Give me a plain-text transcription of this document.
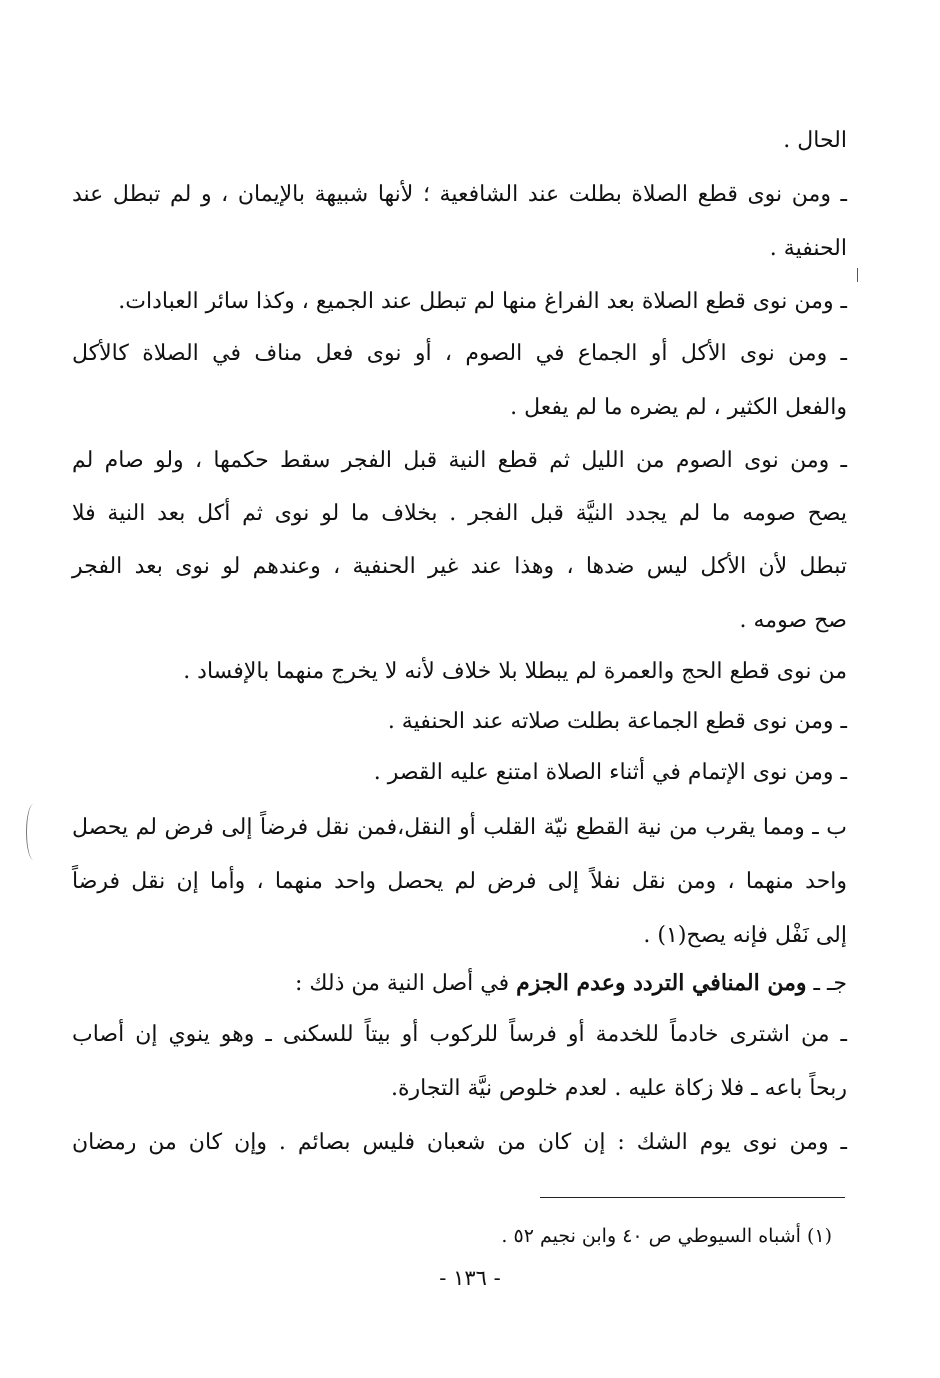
الحال .
ـ ومن نوى قطع الصلاة بطلت عند الشافعية ؛ لأنها شبيهة بالإيمان ، و لم تبطل عند
الحنفية .
ـ ومن نوى قطع الصلاة بعد الفراغ منها لم تبطل عند الجميع ، وكذا سائر العبادات.
ـ ومن نوى الأكل أو الجماع في الصوم ، أو نوى فعل مناف في الصلاة كالأكل
والفعل الكثير ، لم يضره ما لم يفعل .
ـ ومن نوى الصوم من الليل ثم قطع النية قبل الفجر سقط حكمها ، ولو صام لم
يصح صومه ما لم يجدد النيَّة قبل الفجر . بخلاف ما لو نوى ثم أكل بعد النية فلا
تبطل لأن الأكل ليس ضدها ، وهذا عند غير الحنفية ، وعندهم لو نوى بعد الفجر
صح صومه .
من نوى قطع الحج والعمرة لم يبطلا بلا خلاف لأنه لا يخرج منهما بالإفساد .
ـ ومن نوى قطع الجماعة بطلت صلاته عند الحنفية .
ـ ومن نوى الإتمام في أثناء الصلاة امتنع عليه القصر .
ب ـ ومما يقرب من نية القطع نيّة القلب أو النقل،فمن نقل فرضاً إلى فرض لم يحصل
واحد منهما ، ومن نقل نفلاً إلى فرض لم يحصل واحد منهما ، وأما إن نقل فرضاً
إلى نَفْل فإنه يصح(١) .
جـ ـ ومن المنافي التردد وعدم الجزم في أصل النية من ذلك :
ـ من اشترى خادماً للخدمة أو فرساً للركوب أو بيتاً للسكنى ـ وهو ينوي إن أصاب
ربحاً باعه ـ فلا زكاة عليه . لعدم خلوص نيَّة التجارة.
ـ ومن نوى يوم الشك : إن كان من شعبان فليس بصائم . وإن كان من رمضان
(١) أشباه السيوطي ص ٤٠ وابن نجيم ٥٢ .
- ١٣٦ -
